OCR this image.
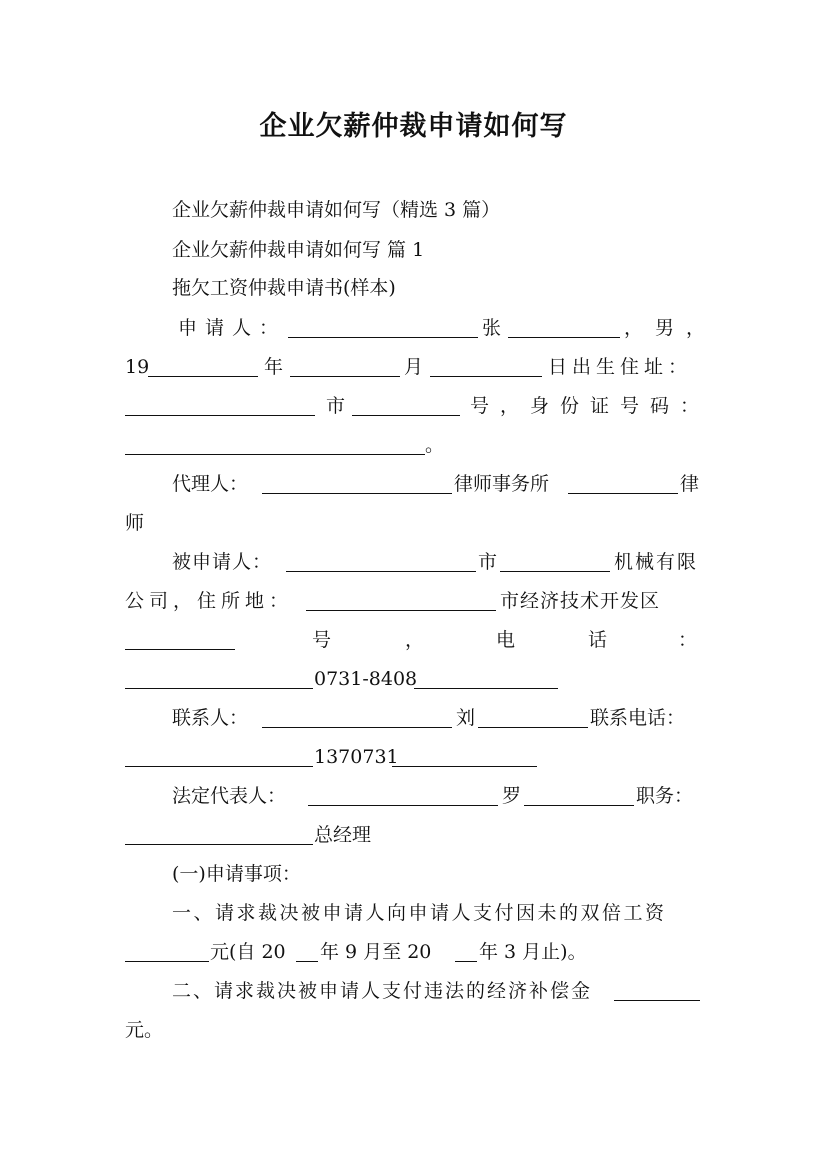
企业欠薪仲裁申请如何写
企业欠薪仲裁申请如何写（精选 3 篇）
企业欠薪仲裁申请如何写 篇 1
拖欠工资仲裁申请书(样本)
申请人：	张	，男，
19	年	月	日出生住址：
市	号，身份证号码：
。
代理人：	律师事务所	律
师
被申请人：	市	机械有限
公司，住所地：	市经济技术开发区
号	，	电	话	：
0731-8408
联系人：	刘	联系电话：
1370731
法定代表人：	罗	职务：
总经理
(一)申请事项：
一、请求裁决被申请人向申请人支付因未的双倍工资
元(自 20 年 9 月至 20	年 3 月止)。
二、请求裁决被申请人支付违法的经济补偿金
元。
